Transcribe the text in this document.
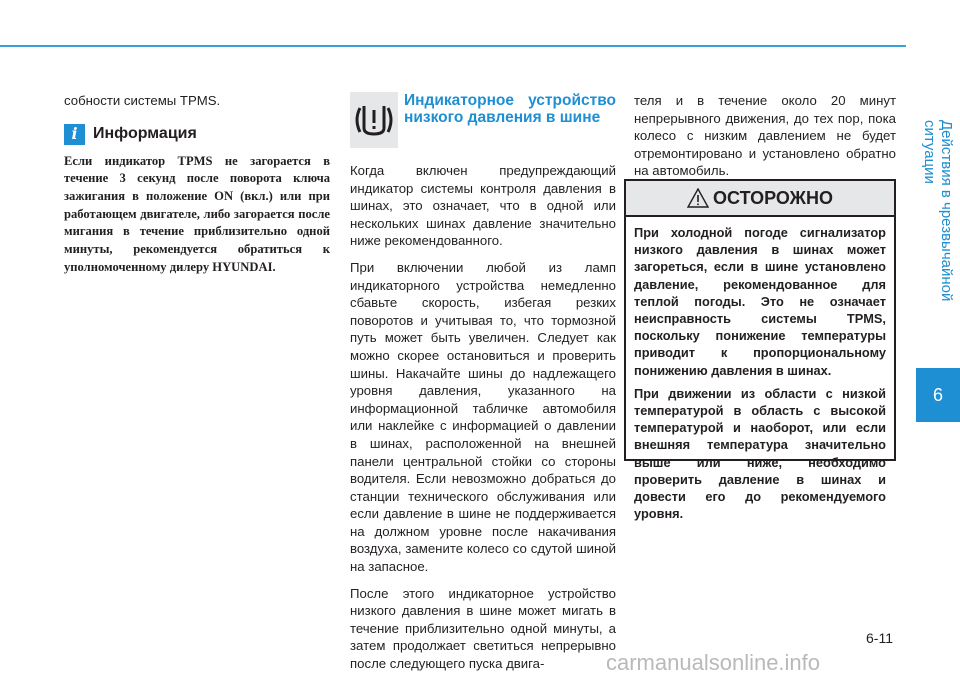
Действия в чрезвычайной ситуации
6

собности системы TPMS.

i Информация
Если индикатор TPMS не загорается в течение 3 секунд после поворота ключа зажигания в положение ON (вкл.) или при работающем двигателе, либо загорается после мигания в течение приблизительно одной минуты, рекомендуется обратиться к уполномоченному дилеру HYUNDAI.
Индикаторное устройство низкого давления в шине

Когда включен предупреждающий индикатор системы контроля давления в шинах, это означает, что в одной или нескольких шинах давление значительно ниже рекомендованного.

При включении любой из ламп индикаторного устройства немедленно сбавьте скорость, избегая резких поворотов и учитывая то, что тормозной путь может быть увеличен. Следует как можно скорее остановиться и проверить шины. Накачайте шины до надлежащего уровня давления, указанного на информационной табличке автомобиля или наклейке с информацией о давлении в шинах, расположенной на внешней панели центральной стойки со стороны водителя. Если невозможно добраться до станции технического обслуживания или если давление в шине не поддерживается на должном уровне после накачивания воздуха, замените колесо со сдутой шиной на запасное.

После этого индикаторное устройство низкого давления в шине может мигать в течение приблизительно одной минуты, а затем продолжает светиться непрерывно после следующего пуска двига-

теля и в течение около 20 минут непрерывного движения, до тех пор, пока колесо с низким давлением не будет отремонтировано и установлено обратно на автомобиль.

ОСТОРОЖНО

При холодной погоде сигнализатор низкого давления в шинах может загореться, если в шине установлено давление, рекомендованное для теплой погоды. Это не означает неисправность системы TPMS, поскольку понижение температуры приводит к пропорциональному понижению давления в шинах.

При движении из области с низкой температурой в область с высокой температурой и наоборот, или если внешняя температура значительно выше или ниже, необходимо проверить давление в шинах и довести его до рекомендуемого уровня.

6-11
carmanualsonline.info
